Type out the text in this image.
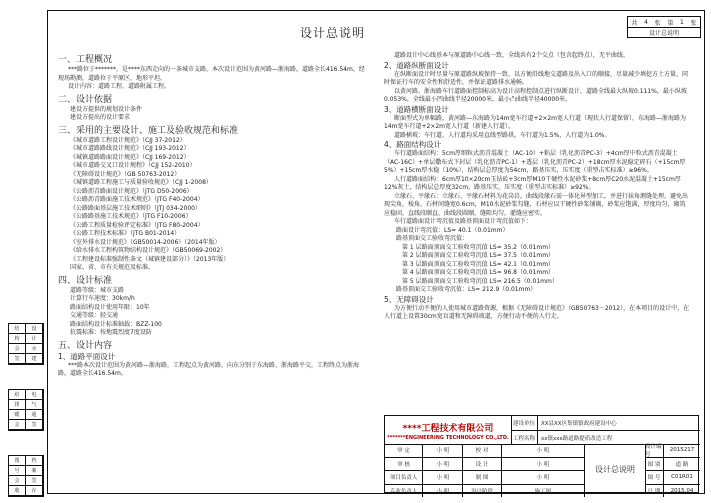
共 4 张 第 1 张
设计总说明
设计总说明
一、工程概况
***路位于*******，是****东西走向的一条城市支路，本次设计范围为黄河路—浙海路，道路全长416.54m，经现场勘测，道路位于平原区，地形平坦。
设计内容：道路工程、道路附属工程。
二、设计依据
建设方提供的规划设计条件
建设方提出的设计要求
三、采用的主要设计、施工及验收规范和标准
《城市道路工程设计规范》（CJJ 37-2012）
《城市道路路线设计规范》（CJJ 193-2012）
《城镇道路路面设计规范》（CJJ 169-2012）
《城市道路交叉口设计规程》（CJJ 152-2010）
《无障碍设计规范》（GB 50763-2012）
《城镇道路工程施工与质量验收规范》（CJJ 1-2008）
《公路沥青路面设计规范》（JTG D50-2006）
《公路沥青路面施工技术规范》（JTG F40-2004）
《公路路面基层施工技术细则》（JTJ 034-2000）
《公路路基施工技术规范》（JTG F10-2006）
《公路工程质量检验评定标准》（JTG F80-2004）
《公路工程技术标准》（JTG B01-2014）
《室外排水设计规范》（GB50014-2006）（2014年版）
《给水排水工程构筑物结构设计规范》（GB50069-2002）
《工程建设标准强制性条文（城镇建设部分）》（2013年版）
国家、省、市有关规范及标准。
四、设计标准
道路等级：城市支路
计算行车速度：30km/h
路面结构设计使用年限：10年
交通等级：轻交通
路面结构设计标准轴载：BZZ-100
抗震标准：按地震烈度7度设防
五、设计内容
1、道路平面设计
***路本次设计范围为黄河路—浙海路，工程起点为黄河路，向东分别于东海路、浙海路平交，工程终点为浙海路，道路全长416.54m。
道路设计中心线基本与原道路中心线一致，全线共有2个交点（包含起终点），无平曲线。
2、道路纵断面设计
在纵断面设计时尽量与原道路纵坡保持一致，以方便沿线地交道路及出入口的顺接，尽量减少填挖方土方量，同时保证行车的安全性和舒适性，并保证道路排水通畅。
以黄河路、浙海路车行道路面控制标高为设计高程控制点进行纵断设计，道路全线最大纵坡0.111%，最小纵坡0.053%，全线最小凹曲线半径20000米，最小凸曲线半径40000米。
3、道路横断面设计
断面型式为单幅路，黄河路—东海路为14m宽车行道+2×2m宽人行道（现状人行道保留），东海路—浙海路为14m宽车行道+2×2m宽人行道（新建人行道）。
道路横坡：车行道、人行道均采用直线型路拱，车行道为1.5%，人行道为1.0%。
4、路面结构设计
车行道路面结构：5cm厚细粒式沥青混凝土（AC-10）+粘层（乳化沥青PC-3）+4cm厚中粒式沥青混凝土（AC-16C）+单层撒布式下封层（乳化沥青PC-1）+透层（乳化沥青PC-2）+18cm厚水泥稳定碎石（+15cm厚5%）+15cm厚水稳（10%），结构层总厚度为54cm，路基压实，压实度（重型击实标准）≥96%。
人行道路面结构：6cm厚10×20cm玉钻砖+3cm厚M10干硬性水泥砂浆+8cm厚C20水泥混凝土+15cm厚12%灰土，结构层总厚度32cm，路基压实，压实度（重型击实标准）≥92%。
立缘石、平缘石：立缘石、平缘石材料为花岗岩，曲线段缘石需一体化异型加工，并进行抹角测缝处理。避免出现尖角，棱角。石材问缝宽0.6cm，M10水泥砂浆勾缝，石材应以干硬性砂浆铺砌，砂浆应饱满，厚度均匀，砌筑应稳固，直线段顺直，曲线段圆顺，缝隙均匀，灌缝应密实。
车行道路面设计弯沉值及路基顶面设计弯沉值如下：
路面设计弯沉值：LS= 40.1（0.01mm）
路基顶面交工验收弯沉值：
第 1 层路面顶面交工验收弯沉值 LS= 35.2（0.01mm）
第 2 层路面顶面交工验收弯沉值 LS= 37.5（0.01mm）
第 3 层路面顶面交工验收弯沉值 LS= 42.1（0.01mm）
第 4 层路面顶面交工验收弯沉值 LS= 96.8（0.01mm）
第 5 层路面顶面交工验收弯沉值 LS= 216.5（0.01mm）
路基顶面交工验收弯沉值：LS= 212.9（0.01mm）
5、无障碍设计
为方便行动不便的人使用城市道路资源，根据《无障碍设计规范》（GB50763－2012），在本项目的设计中，在人行道上设置30cm宽盲道和无障碍坡道，方便行动不便的人行走。
结	设
构	计
会	水
签	建
给	电
排	气
暖	通
会	签
图	档
号	案
会	签
收	存
****工程技术有限公司
*******ENGINEERING TECHNOLOGY CO.,LTD.
建设单位	XX县XX区集镇镇政府建设中心
工程名称	xx镇xxx路道路提质改造工程
审 定	小 明	校 对	小 明
审 核	小 明	设 计	小 明
项目负责人	小 明	制 图	小 明
专业负责人	小 明	设计阶段	施工图
设计总说明
设计编号
2015217
图 别	道 路
图 号	C01R01
日 期	2015.04
